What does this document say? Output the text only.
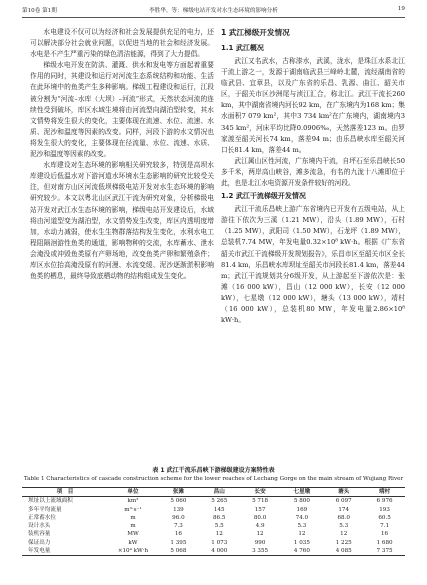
第10卷 第1期	李胜华，等：梯级电站开发对水生态环境的影响分析	19

水电建设不仅可以为经济和社会发展提供充足的电力，还可以解决部分社会就业问题，以促进当地的社会和经济发展。水电是不产生严重污染的绿色清洁能源，得到了大力提倡。

梯级水电开发在防洪、灌溉、供水和发电等方面起着重要作用的同时，其建设和运行对河流生态系统结构和功能、生活在此环境中的鱼类产生多种影响。梯级工程建设和运行，江段被分割为“河流–水库（大坝）–河流”形式，天然状态河流的连续性受到破坏，库区水域生境将由河流型向湖泊型转变，其水文情势将发生很大的变化，主要体现在流速、水位、流速、水质、泥沙和温度等因素的改变。同样，河段下游的水文情况也将发生很大的变化，主要体现在径流量、水位、流速、水质、泥沙和温度等因素的改变。

水库建设对生态环境的影响相关研究较多，特别是高坝水库建设后低温水对下游河道水环境水生态影响的研究比较受关注，但对南方山区河流低坝梯级电站开发对水生态环境的影响研究较少。本文以粤北山区武江干流为研究对象，分析梯级电站开发对武江水生态环境的影响，梯级电站开发建设后，水域将由河道型变为湖泊型，水文情势发生改变，库区内透明度增加，水动力减弱，使水生生物群落结构发生变化，水利水电工程阻隔洄游性鱼类的通道，影响物种的交流，水库蓄水、泄水会淹没或冲毁鱼类原有产卵场地，改变鱼类产卵和繁殖条件；库区水位抬高淹没原有的河漫、水流变缓、泥沙逐渐淤积影响鱼类的栖息，最终导致底栖动物的结构组成发生变化。

1 武江梯级开发情况
1.1 武江概况

武江又名武水，古称溱水，武溪，泷水，是珠江水系北江干流上游之一，发源于湖南临武县三峰岭北麓，流经湖南省的临武县、宜章县，以及广东省的乐昌、乳源、曲江、韶关市区，于韶关市区沙洲尾与浈江汇合，称北江。武江干流长260 km，其中湖南省境内河长92 km，在广东境内为168 km；集水面积7 079 km²，其中3 734 km²在广东境内，湖南境内3 345 km²，河床平均比降0.0906‰，天然落差123 m。由罗家渡至韶关河长74 km，落差94 m；由乐昌峡水库至韶关河口长81.4 km，落差44 m。

武江属山区性河流，广东境内干流，自坪石至乐昌峡长50多千米，两岸高山峡谷，滩多流急，有名的九泷十八滩即位于此，也是北江水电资源开发条件较好的河段。

1.2 武江干流梯级开发情况

武江干流乐昌峡上游广东省境内已开发有五级电站，从上游往下依次为三溪（1.21 MW），沿头（1.89 MW），石村（1.25 MW），武阳司（1.50 MW），石龙坪（1.89 MW），总装机7.74 MW，年发电量0.32×10⁸ kW·h。根据《广东省韶关市武江干流梯级开发规划报告》，乐昌市区至韶关市区全长81.4 km，乐昌峡水库坝址至韶关市河段长81.4 km，落差44 m；武江干流规划共分6级开发，从上游起至下游依次是：张滩（16 000 kW），昌山（12 000 kW），长安（12 000 kW），七星墩（12 000 kW），塘头（13 000 kW），靖村（16 000 kW），总装机80 MW，年发电量2.86×10⁸ kW·h。

表 1 武江干流乐昌峡下游梯级建设方案特性表
Table 1 Characteristics of cascade construction scheme for the lower reaches of Lechang Gorge on the main stream of Wujiang River
项　目	单位	张滩	昌山	长安	七星墩	塘头	靖村
坝址以上流域面积	km²	5 060	5 265	5 718	5 800	6 097	6 976
多年平均流量	m³·s⁻¹	139	145	157	169	174	193
正常蓄水位	m	96.0	86.5	80.0	74.0	68.0	60.5
设计水头	m	7.3	5.5	4.9	5.3	5.3	7.1
装机容量	MW	16	12	12	12	12	16
保证出力	kW	1 395	1 073	990	1 035	1 225	1 680
年发电量	×10⁴ kW·h	5 068	4 000	3 355	4 760	4 085	7 375
